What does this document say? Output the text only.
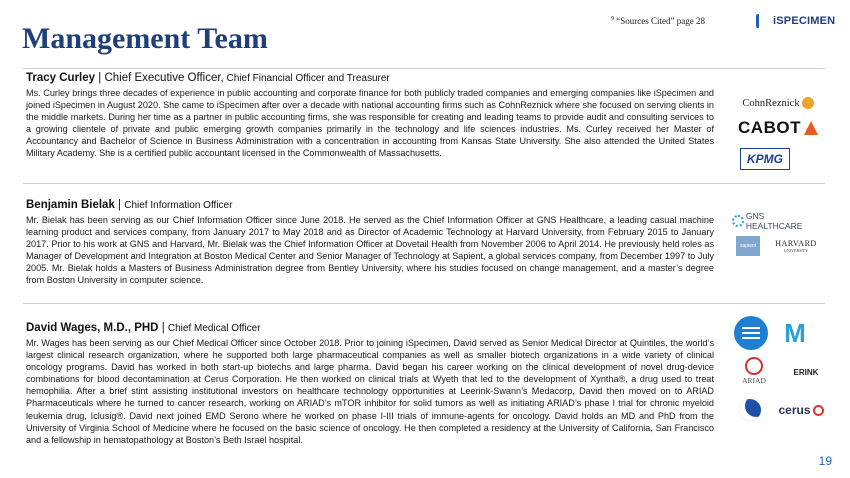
Management Team
$^9$ “Sources Cited” page 28	iSPECIMEN

Tracy Curley | Chief Executive Officer, Chief Financial Officer and Treasurer

Ms. Curley brings three decades of experience in public accounting and corporate finance for both publicly traded companies and emerging companies like iSpecimen and joined iSpecimen in August 2020. She came to iSpecimen after over a decade with national accounting firms such as CohnReznick where she focused on serving clients in the middle markets. During her time as a partner in public accounting firms, she was responsible for creating and leading teams to provide audit and consulting services to a growing clientele of private and public emerging growth companies primarily in the technology and life sciences industries. Ms. Curley received her Master of Accountancy and Bachelor of Science in Business Administration with a concentration in accounting from Kansas State University. She also attended the United States Military Academy. She is a certified public accountant licensed in the Commonwealth of Massachusetts.

CohnReznick
CABOT
KPMG

Benjamin Bielak | Chief Information Officer

Mr. Bielak has been serving as our Chief Information Officer since June 2018. He served as the Chief Information Officer at GNS Healthcare, a leading casual machine learning product and services company, from January 2017 to May 2018 and as Director of Academic Technology at Harvard University, from February 2015 to January 2017. Prior to his work at GNS and Harvard, Mr. Bielak was the Chief Information Officer at Dovetail Health from November 2006 to April 2014. He previously held roles as Manager of Development and Integration at Boston Medical Center and Senior Manager of Technology at Sapient, a global services company, from December 1997 to July 2005. Mr. Bielak holds a Masters of Business Administration degree from Bentley University, where his studies focused on change management, and a master’s degree from Boston University in computer science.

GNS HEALTHCARE
sapient HARVARD
UNIVERSITY

David Wages, M.D., PHD | Chief Medical Officer

Mr. Wages has been serving as our Chief Medical Officer since October 2018. Prior to joining iSpecimen, David served as Senior Medical Director at Quintiles, the world’s largest clinical research organization, where he supported both large pharmaceutical companies as well as smaller biotech organizations in a wide variety of clinical oncology programs. David has worked in both start-up biotechs and large pharma. David began his career working on the clinical development of novel drug-device combinations for blood decontamination at Cerus Corporation. He then worked on clinical trials at Wyeth that led to the development of Xyntha®, a drug used to treat hemophilia. After a brief stint assisting institutional investors on healthcare technology opportunities at Leerink-Swann’s Medacorp, David then moved on to ARIAD Pharmaceuticals where he turned to cancer research, working on ARIAD’s mTOR inhibitor for solid tumors as well as initiating ARIAD’s phase I trial for chronic myeloid leukemia drug, Iclusig®. David next joined EMD Serono where he worked on phase I-III trials of immune-agents for oncology. David holds an MD and PhD from the University of Virginia School of Medicine where he focused on the basic science of oncology. He then completed a residency at the University of California, San Francisco and a fellowship in hematopathology at Boston’s Beth Israel hospital.

M
ARIAD
ERINK
cerus
19
